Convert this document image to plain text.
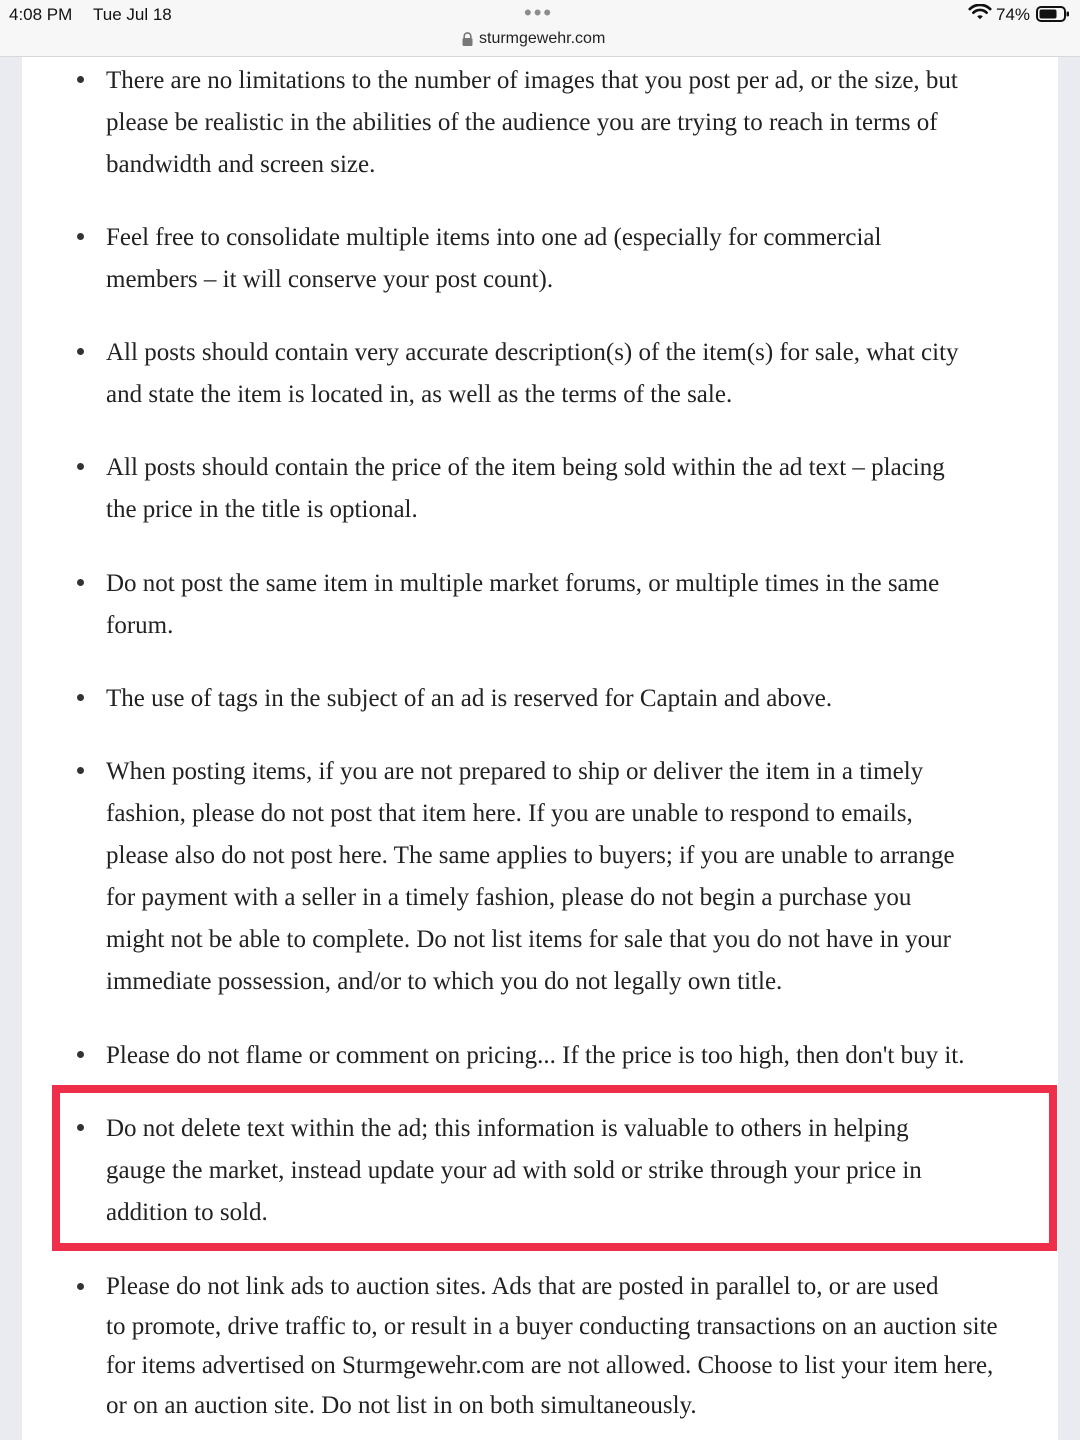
4:08 PM Tue Jul 18	•••	74%
sturmgewehr.com
There are no limitations to the number of images that you post per ad, or the size, but
please be realistic in the abilities of the audience you are trying to reach in terms of
bandwidth and screen size.
Feel free to consolidate multiple items into one ad (especially for commercial
members – it will conserve your post count).
All posts should contain very accurate description(s) of the item(s) for sale, what city
and state the item is located in, as well as the terms of the sale.
All posts should contain the price of the item being sold within the ad text – placing
the price in the title is optional.
Do not post the same item in multiple market forums, or multiple times in the same
forum.
The use of tags in the subject of an ad is reserved for Captain and above.
When posting items, if you are not prepared to ship or deliver the item in a timely
fashion, please do not post that item here. If you are unable to respond to emails,
please also do not post here. The same applies to buyers; if you are unable to arrange
for payment with a seller in a timely fashion, please do not begin a purchase you
might not be able to complete. Do not list items for sale that you do not have in your
immediate possession, and/or to which you do not legally own title.
Please do not flame or comment on pricing... If the price is too high, then don't buy it.
Do not delete text within the ad; this information is valuable to others in helping
gauge the market, instead update your ad with sold or strike through your price in
addition to sold.
Please do not link ads to auction sites. Ads that are posted in parallel to, or are used
to promote, drive traffic to, or result in a buyer conducting transactions on an auction site
for items advertised on Sturmgewehr.com are not allowed. Choose to list your item here,
or on an auction site. Do not list in on both simultaneously.
